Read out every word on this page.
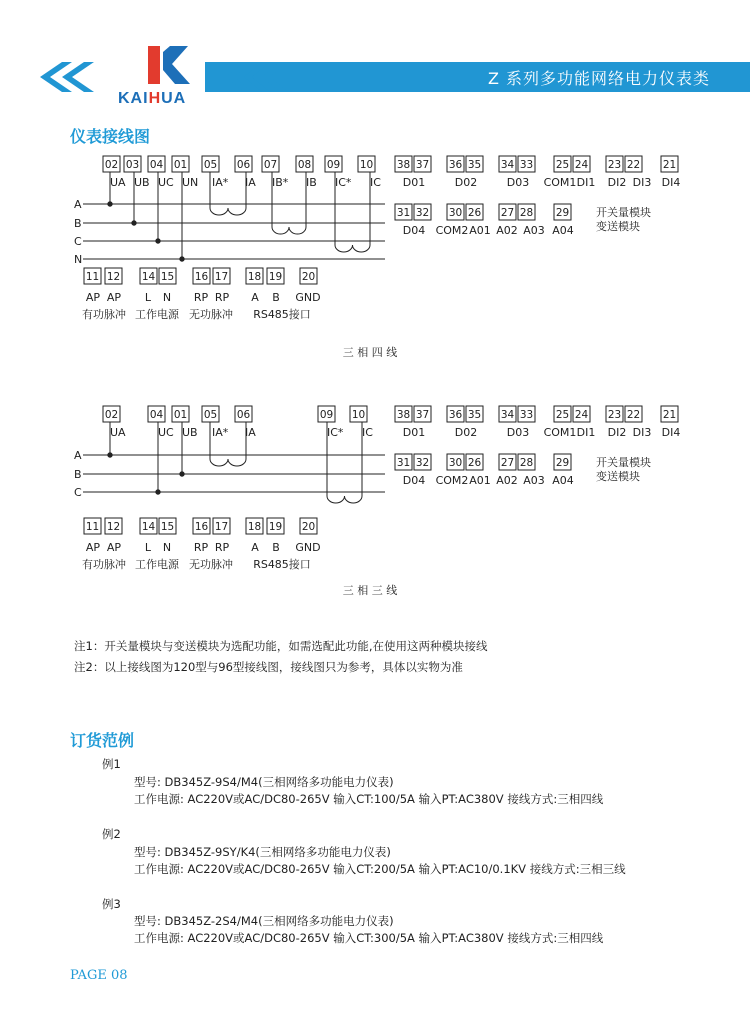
KAIHUA
Z 系列多功能网络电力仪表类
仪表接线图
02 03 04 01 05 06 07 08 09 10
UA UB UC UN IA* IA IB* IB IC* IC
A
B
C
N
02	04 01 05 06	09 10
UA	UC UB IA* IA	IC* IC
A
B
C
38 37 36 35 34 33 25 24 23 22 21
D01	D02	D03 COM1 DI1 DI2 DI3 DI4
31 32 30 26 27 28 29
D04 COM2 A01 A02 A03 A04
开关量模块
变送模块
38 37 36 35 34 33 25 24 23 22 21
D01	D02	D03 COM1 DI1 DI2 DI3 DI4
31 32 30 26 27 28 29
D04 COM2 A01 A02 A03 A04
开关量模块
变送模块
11 12 14 15 16 17 18 19 20
AP AP L N RP RP A B GND
有功脉冲 工作电源 无功脉冲 RS485接口
11 12 14 15 16 17 18 19 20
AP AP L N RP RP A B GND
有功脉冲 工作电源 无功脉冲 RS485接口
三 相 四 线
三 相 三 线
注1：开关量模块与变送模块为选配功能，如需选配此功能,在使用这两种模块接线
注2：以上接线图为120型与96型接线图，接线图只为参考，具体以实物为准
订货范例
例1
型号: DB345Z-9S4/M4(三相网络多功能电力仪表)
工作电源: AC220V或AC/DC80-265V 输入CT:100/5A 输入PT:AC380V 接线方式:三相四线
例2
型号: DB345Z-9SY/K4(三相网络多功能电力仪表)
工作电源: AC220V或AC/DC80-265V 输入CT:200/5A 输入PT:AC10/0.1KV 接线方式:三相三线
例3
型号: DB345Z-2S4/M4(三相网络多功能电力仪表)
工作电源: AC220V或AC/DC80-265V 输入CT:300/5A 输入PT:AC380V 接线方式:三相四线
PAGE 08
